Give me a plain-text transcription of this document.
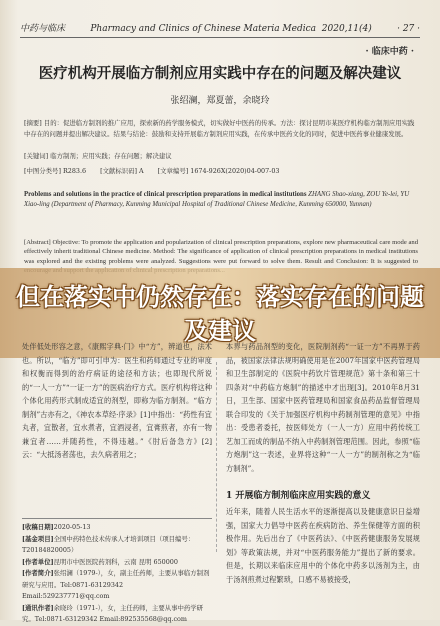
中药与临床	Pharmacy and Clinics of Chinese Materia Medica 2020,11(4)	· 27 ·
· 临床中药 ·
医疗机构开展临方制剂应用实践中存在的问题及解决建议
张绍澜，郑夏蕾，余晓玲
[摘要] 目的：促进临方制剂的推广应用，探索新的药学服务模式，切实做好中医药的传承。方法：探讨昆明市某医疗机构临方制剂应用实践中存在的问题并提出解决建议。结果与结论：鼓励和支持开展临方制剂应用实践，在传承中医药文化的同时，促进中医药事业健康发展。
[关键词] 临方制剂；应用实践；存在问题；解决建议
[中图分类号] R283.6 [文献标识码] A [文章编号] 1674-926X(2020)04-007-03
Problems and solutions in the practice of clinical prescription preparations in medical institutions ZHANG Shao-xiang, ZOU Ye-lei, YU Xiao-ling (Department of Pharmacy, Kunming Municipal Hospital of Traditional Chinese Medicine, Kunming 650000, Yunnan)
[Abstract] Objective: To promote the application and popularization of clinical prescription preparations, explore new pharmaceutical care mode and effectively inherit traditional Chinese medicine. Method: The significance of application of clinical prescription preparations in medical institutions was explored and the existing problems were analyzed. Suggestions were put forward to solve them. Result and Conclusion: It is suggested to
但在落实中仍然存在：落实存在的问题及建议
处伴低处形容之意，《康熙字典·门》中“方”，辨道也，法术也。所以，“临方”即可引申为：医生和药师通过专业的审度和权衡而得到的治疗病证的途径和方法；也即现代所说的“一人一方”“一证一方”的医病治疗方式。医疗机构将这种个体化用药形式制成适宜的剂型，即称为临方制剂。“临方制剂”古亦有之，《神农本草经·序录》[1]中指出：“药性有宜丸者，宜散者，宜水煮者，宜酒浸者，宜膏煎者，亦有一物兼宜者……并随药性，不得违越。”《肘后备急方》[2]云：“大抵汤者荡也，去久病者用之；
本界与药品剂型的变化，医院制剂药“一证一方”不再界于药品，被国家法律法规明确使用是在2007年国家中医药管理局和卫生部制定的《医院中药饮片管理规范》第十条和第三十四条对“中药临方炮制”的描述中才出现[3]。2010年8月31日，卫生部、国家中医药管理局和国家食品药品监督管理局联合印发的《关于加强医疗机构中药制剂管理的意见》中指出：受患者委托，按医师处方（一人一方）应用中药传统工艺加工而成的制品不纳入中药制剂管理范围。因此，参照“临方炮制”这一表述，业界将这种“一人一方”的制剂称之为“临方制剂”。
[收稿日期]2020-05-13
[基金项目]全国中药特色技术传承人才培训项目（项目编号：T20184820005）
[作者单位]昆明市中医医院药剂科，云南 昆明 650000
[作者简介]张绍澜（1979-），女，副主任药师，主要从事临方制剂研究与应用。Tel:0871-63129342 Email:529237771@qq.com
[通讯作者]余晓玲（1971-），女，主任药师，主要从事中药学研究。Tel:0871-63129342 Email:892535568@qq.com
1 开展临方制剂临床应用实践的意义
近年来，随着人民生活水平的逐渐提高以及健康意识日益增强，国家大力倡导中医药在疾病防治、养生保健等方面的积极作用。先后出台了《中医药法》、《中医药健康服务发展规划》等政策法规，并对“中医药服务能力”提出了新的要求。但是，长期以来临床应用中的个体化中药多以汤剂为主，由于汤剂煎煮过程繁琐，口感不易被接受，
